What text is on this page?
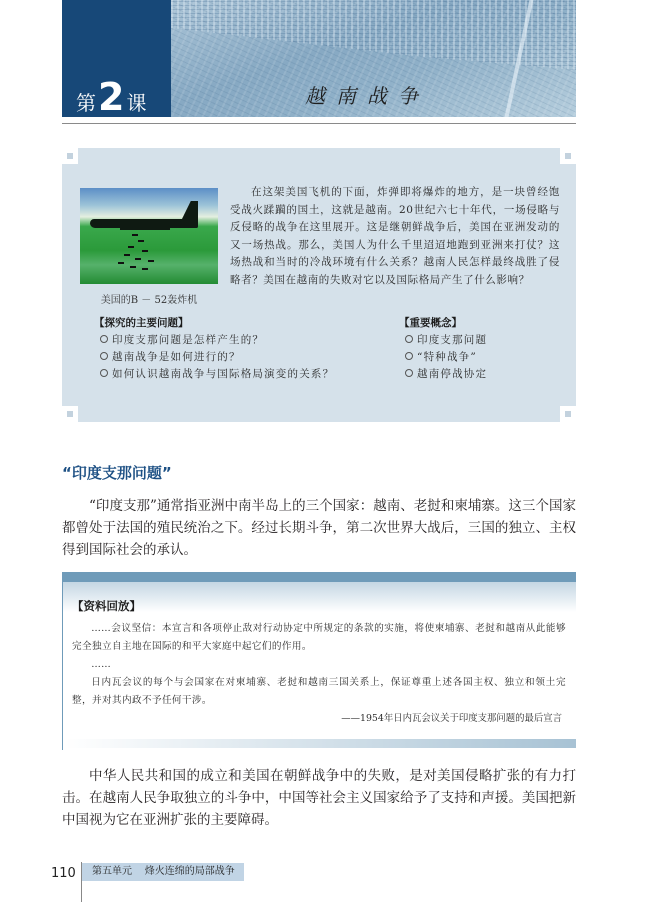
第 2 课	越南战争
美国的B － 52轰炸机
在这架美国飞机的下面，炸弹即将爆炸的地方，是一块曾经饱受战火蹂躏的国土，这就是越南。20世纪六七十年代，一场侵略与反侵略的战争在这里展开。这是继朝鲜战争后，美国在亚洲发动的又一场热战。那么，美国人为什么千里迢迢地跑到亚洲来打仗？这场热战和当时的冷战环境有什么关系？越南人民怎样最终战胜了侵略者？美国在越南的失败对它以及国际格局产生了什么影响？
【探究的主要问题】
印度支那问题是怎样产生的？
越南战争是如何进行的？
如何认识越南战争与国际格局演变的关系？
【重要概念】
印度支那问题
“特种战争”
越南停战协定
“印度支那问题”
“印度支那”通常指亚洲中南半岛上的三个国家：越南、老挝和柬埔寨。这三个国家都曾处于法国的殖民统治之下。经过长期斗争，第二次世界大战后，三国的独立、主权得到国际社会的承认。
【资料回放】
……会议坚信：本宣言和各项停止敌对行动协定中所规定的条款的实施，将使柬埔寨、老挝和越南从此能够完全独立自主地在国际的和平大家庭中起它们的作用。
……
日内瓦会议的每个与会国家在对柬埔寨、老挝和越南三国关系上，保证尊重上述各国主权、独立和领土完整，并对其内政不予任何干涉。
——1954年日内瓦会议关于印度支那问题的最后宣言
中华人民共和国的成立和美国在朝鲜战争中的失败，是对美国侵略扩张的有力打击。在越南人民争取独立的斗争中，中国等社会主义国家给予了支持和声援。美国把新中国视为它在亚洲扩张的主要障碍。
110	第五单元    烽火连绵的局部战争
